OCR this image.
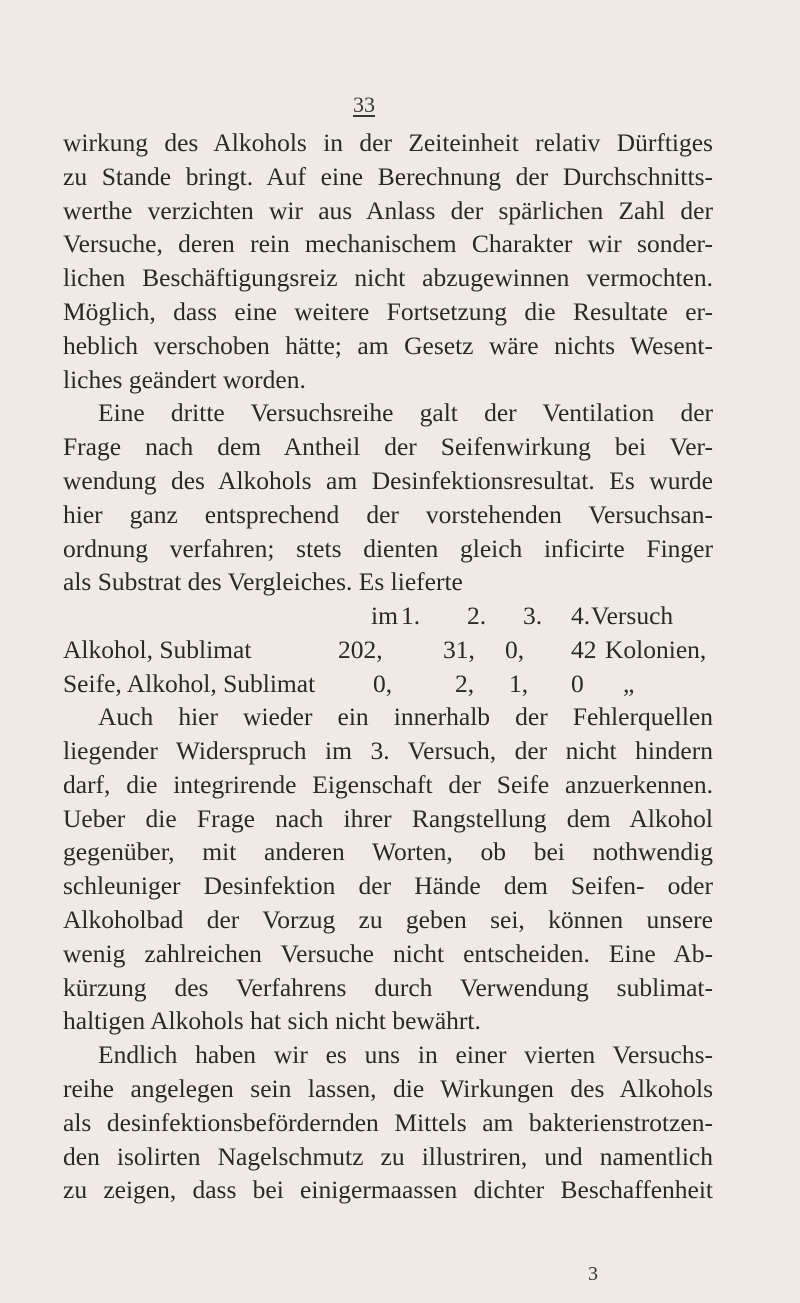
33

wirkung des Alkohols in der Zeiteinheit relativ Dürftiges

zu Stande bringt. Auf eine Berechnung der Durchschnitts-

werthe verzichten wir aus Anlass der spärlichen Zahl der

Versuche, deren rein mechanischem Charakter wir sonder-

lichen Beschäftigungsreiz nicht abzugewinnen vermochten.

Möglich, dass eine weitere Fortsetzung die Resultate er-

heblich verschoben hätte; am Gesetz wäre nichts Wesent-

liches geändert worden.

Eine dritte Versuchsreihe galt der Ventilation der

Frage nach dem Antheil der Seifenwirkung bei Ver-

wendung des Alkohols am Desinfektionsresultat. Es wurde

hier ganz entsprechend der vorstehenden Versuchsan-

ordnung verfahren; stets dienten gleich inficirte Finger

als Substrat des Vergleiches. Es lieferte

im 1. 2. 3. 4. Versuch
Alkohol, Sublimat	202, 31, 0, 42 Kolonien,
Seife, Alkohol, Sublimat 0, 2, 1, 0 „

Auch hier wieder ein innerhalb der Fehlerquellen

liegender Widerspruch im 3. Versuch, der nicht hindern

darf, die integrirende Eigenschaft der Seife anzuerkennen.

Ueber die Frage nach ihrer Rangstellung dem Alkohol

gegenüber, mit anderen Worten, ob bei nothwendig

schleuniger Desinfektion der Hände dem Seifen- oder

Alkoholbad der Vorzug zu geben sei, können unsere

wenig zahlreichen Versuche nicht entscheiden. Eine Ab-

kürzung des Verfahrens durch Verwendung sublimat-

haltigen Alkohols hat sich nicht bewährt.

Endlich haben wir es uns in einer vierten Versuchs-

reihe angelegen sein lassen, die Wirkungen des Alkohols

als desinfektionsbefördernden Mittels am bakterienstrotzen-

den isolirten Nagelschmutz zu illustriren, und namentlich

zu zeigen, dass bei einigermaassen dichter Beschaffenheit

3
